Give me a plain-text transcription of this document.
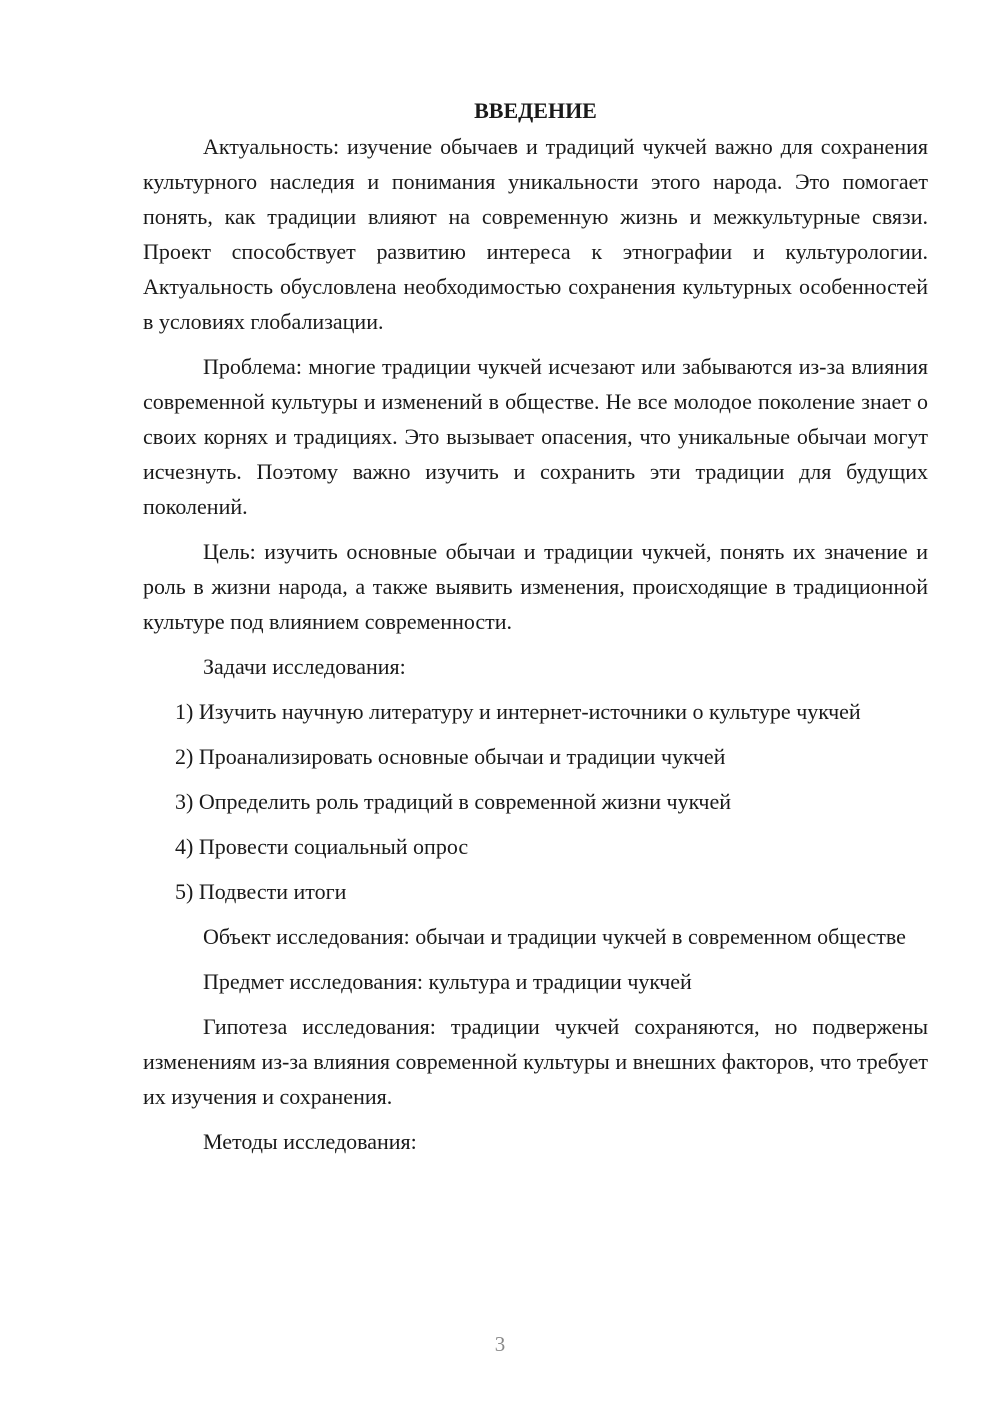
ВВЕДЕНИЕ

Актуальность: изучение обычаев и традиций чукчей важно для сохранения культурного наследия и понимания уникальности этого народа. Это помогает понять, как традиции влияют на современную жизнь и межкультурные связи. Проект способствует развитию интереса к этнографии и культурологии. Актуальность обусловлена необходимостью сохранения культурных особенностей в условиях глобализации.

Проблема: многие традиции чукчей исчезают или забываются из-за влияния современной культуры и изменений в обществе. Не все молодое поколение знает о своих корнях и традициях. Это вызывает опасения, что уникальные обычаи могут исчезнуть. Поэтому важно изучить и сохранить эти традиции для будущих поколений.

Цель: изучить основные обычаи и традиции чукчей, понять их значение и роль в жизни народа, а также выявить изменения, происходящие в традиционной культуре под влиянием современности.

Задачи исследования:

1) Изучить научную литературу и интернет-источники о культуре чукчей

2) Проанализировать основные обычаи и традиции чукчей

3) Определить роль традиций в современной жизни чукчей

4) Провести социальный опрос

5) Подвести итоги

Объект исследования: обычаи и традиции чукчей в современном обществе

Предмет исследования: культура и традиции чукчей

Гипотеза исследования: традиции чукчей сохраняются, но подвержены изменениям из-за влияния современной культуры и внешних факторов, что требует их изучения и сохранения.

Методы исследования:

3
